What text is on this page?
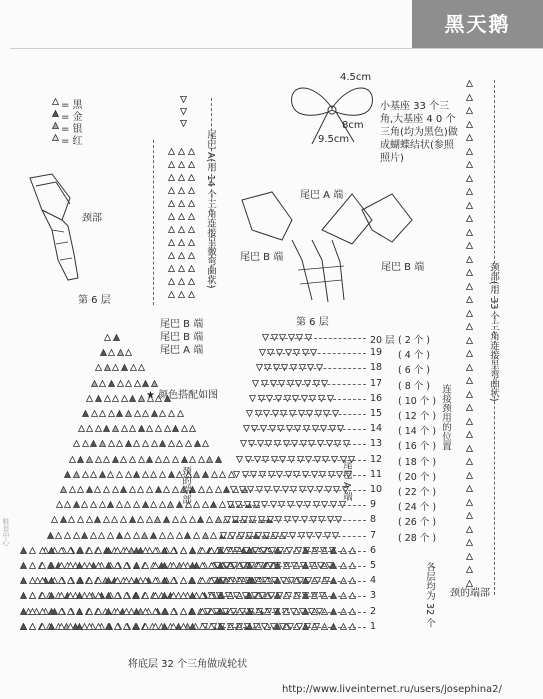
黑天鹅
= 黑
= 金
= 银
= 红
颈部
第 6 层
尾巴 A(用 14 个三角连接呈微弯曲状)
尾巴 B 端
尾巴 B 端
尾巴 A 端
尾巴 A 端
尾巴 B 端
尾巴 B 端
第 6 层
4.5cm
8cm
9.5cm
小基座 33 个三角,大基座 4 0 个三角(均为黑色)做成蝴蝶结状(参照照片)
颈部(用 33 个三角连接呈弯曲状)
颈的端部
★ 颜色搭配如图
20 层 ( 2 个 )
19 ( 4 个 )
18 ( 6 个 )
17 ( 8 个 )
16 ( 10 个 )
15 ( 12 个 )
14 ( 14 个 )
13 ( 16 个 )
12 ( 18 个 )
11 ( 20 个 )
10 ( 22 个 )
9 ( 24 个 )
8 ( 26 个 )
7 ( 28 个 )
6
5
4
3
2
1
颈的端部	尾巴 A 端
连接颈用的位置
各层均为 32 个
将底层 32 个三角做成轮状
http://www.liveinternet.ru/users/josephina2/
鞋套中心
